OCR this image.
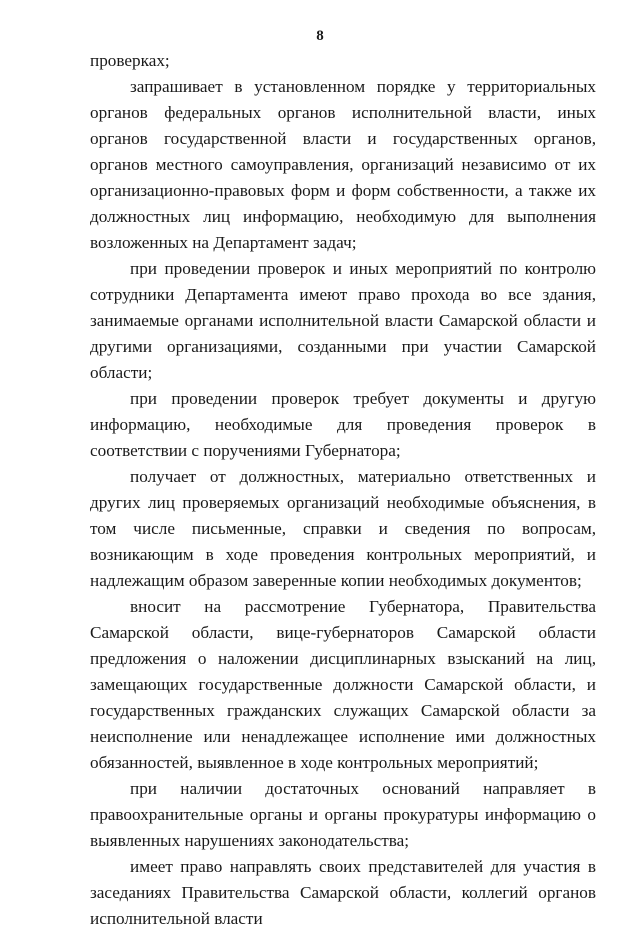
8

проверках;

запрашивает в установленном порядке у территориальных органов федеральных органов исполнительной власти, иных органов государственной власти и государственных органов, органов местного самоуправления, организаций независимо от их организационно-правовых форм и форм собственности, а также их должностных лиц информацию, необходимую для выполнения возложенных на Департамент задач;

при проведении проверок и иных мероприятий по контролю сотрудники Департамента имеют право прохода во все здания, занимаемые органами исполнительной власти Самарской области и другими организациями, созданными при участии Самарской области;

при проведении проверок требует документы и другую информацию, необходимые для проведения проверок в соответствии с поручениями Губернатора;

получает от должностных, материально ответственных и других лиц проверяемых организаций необходимые объяснения, в том числе письменные, справки и сведения по вопросам, возникающим в ходе проведения контрольных мероприятий, и надлежащим образом заверенные копии необходимых документов;

вносит на рассмотрение Губернатора, Правительства Самарской области, вице-губернаторов Самарской области предложения о наложении дисциплинарных взысканий на лиц, замещающих государственные должности Самарской области, и государственных гражданских служащих Самарской области за неисполнение или ненадлежащее исполнение ими должностных обязанностей, выявленное в ходе контрольных мероприятий;

при наличии достаточных оснований направляет в правоохранительные органы и органы прокуратуры информацию о выявленных нарушениях законодательства;

имеет право направлять своих представителей для участия в заседаниях Правительства Самарской области, коллегий органов исполнительной власти
